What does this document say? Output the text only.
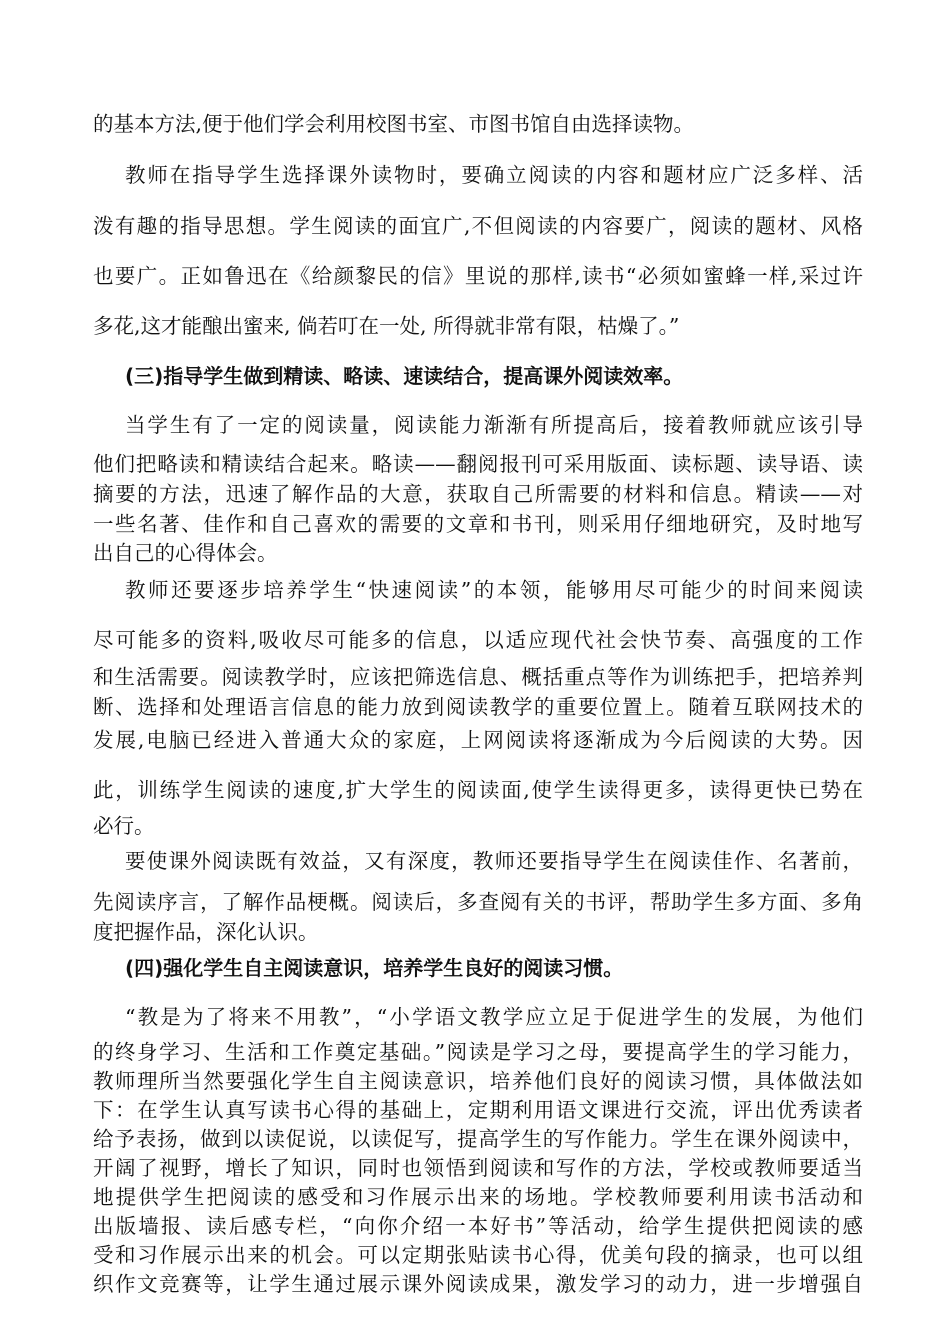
的基本方法,便于他们学会利用校图书室、市图书馆自由选择读物。
教师在指导学生选择课外读物时，要确立阅读的内容和题材应广泛多样、活
泼有趣的指导思想。学生阅读的面宜广,不但阅读的内容要广，阅读的题材、风格
也要广。正如鲁迅在《给颜黎民的信》里说的那样,读书“必须如蜜蜂一样,采过许
多花,这才能酿出蜜来, 倘若叮在一处, 所得就非常有限，枯燥了。”
(三)指导学生做到精读、略读、速读结合，提高课外阅读效率。
当学生有了一定的阅读量，阅读能力渐渐有所提高后，接着教师就应该引导
他们把略读和精读结合起来。略读——翻阅报刊可采用版面、读标题、读导语、读
摘要的方法，迅速了解作品的大意，获取自己所需要的材料和信息。精读——对
一些名著、佳作和自己喜欢的需要的文章和书刊，则采用仔细地研究，及时地写
出自己的心得体会。
教师还要逐步培养学生“快速阅读”的本领，能够用尽可能少的时间来阅读
尽可能多的资料,吸收尽可能多的信息，以适应现代社会快节奏、高强度的工作
和生活需要。阅读教学时，应该把筛选信息、概括重点等作为训练把手，把培养判
断、选择和处理语言信息的能力放到阅读教学的重要位置上。随着互联网技术的
发展,电脑已经进入普通大众的家庭，上网阅读将逐渐成为今后阅读的大势。因
此，训练学生阅读的速度,扩大学生的阅读面,使学生读得更多，读得更快已势在
必行。
要使课外阅读既有效益，又有深度，教师还要指导学生在阅读佳作、名著前，
先阅读序言，了解作品梗概。阅读后，多查阅有关的书评，帮助学生多方面、多角
度把握作品，深化认识。
(四)强化学生自主阅读意识，培养学生良好的阅读习惯。
“教是为了将来不用教”，“小学语文教学应立足于促进学生的发展，为他们
的终身学习、生活和工作奠定基础。”阅读是学习之母，要提高学生的学习能力，
教师理所当然要强化学生自主阅读意识，培养他们良好的阅读习惯，具体做法如
下：在学生认真写读书心得的基础上，定期利用语文课进行交流，评出优秀读者
给予表扬，做到以读促说，以读促写，提高学生的写作能力。学生在课外阅读中，
开阔了视野，增长了知识，同时也领悟到阅读和写作的方法，学校或教师要适当
地提供学生把阅读的感受和习作展示出来的场地。学校教师要利用读书活动和
出版墙报、读后感专栏，“向你介绍一本好书”等活动，给学生提供把阅读的感
受和习作展示出来的机会。可以定期张贴读书心得，优美句段的摘录，也可以组
织作文竞赛等，让学生通过展示课外阅读成果，激发学习的动力，进一步增强自
